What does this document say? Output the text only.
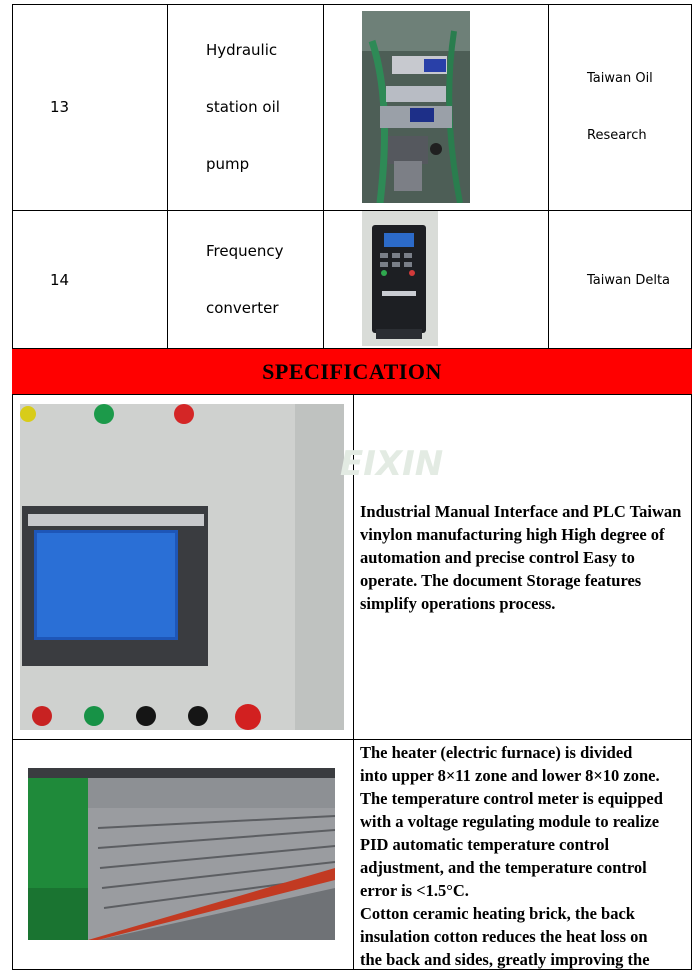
13
Hydraulic
station oil
pump
Taiwan Oil
Research
14
Frequency
converter
Taiwan Delta
SPECIFICATION
EIXIN
Industrial Manual Interface and PLC Taiwan vinylon manufacturing high High degree of automation and precise control Easy to operate. The document Storage features simplify operations process.
The heater (electric furnace) is divided
into upper 8×11 zone and lower 8×10 zone.
The temperature control meter is equipped
with a voltage regulating module to realize
PID automatic temperature control
adjustment, and the temperature control
error is <1.5°C.
Cotton ceramic heating brick, the back
insulation cotton reduces the heat loss on
the back and sides, greatly improving the
